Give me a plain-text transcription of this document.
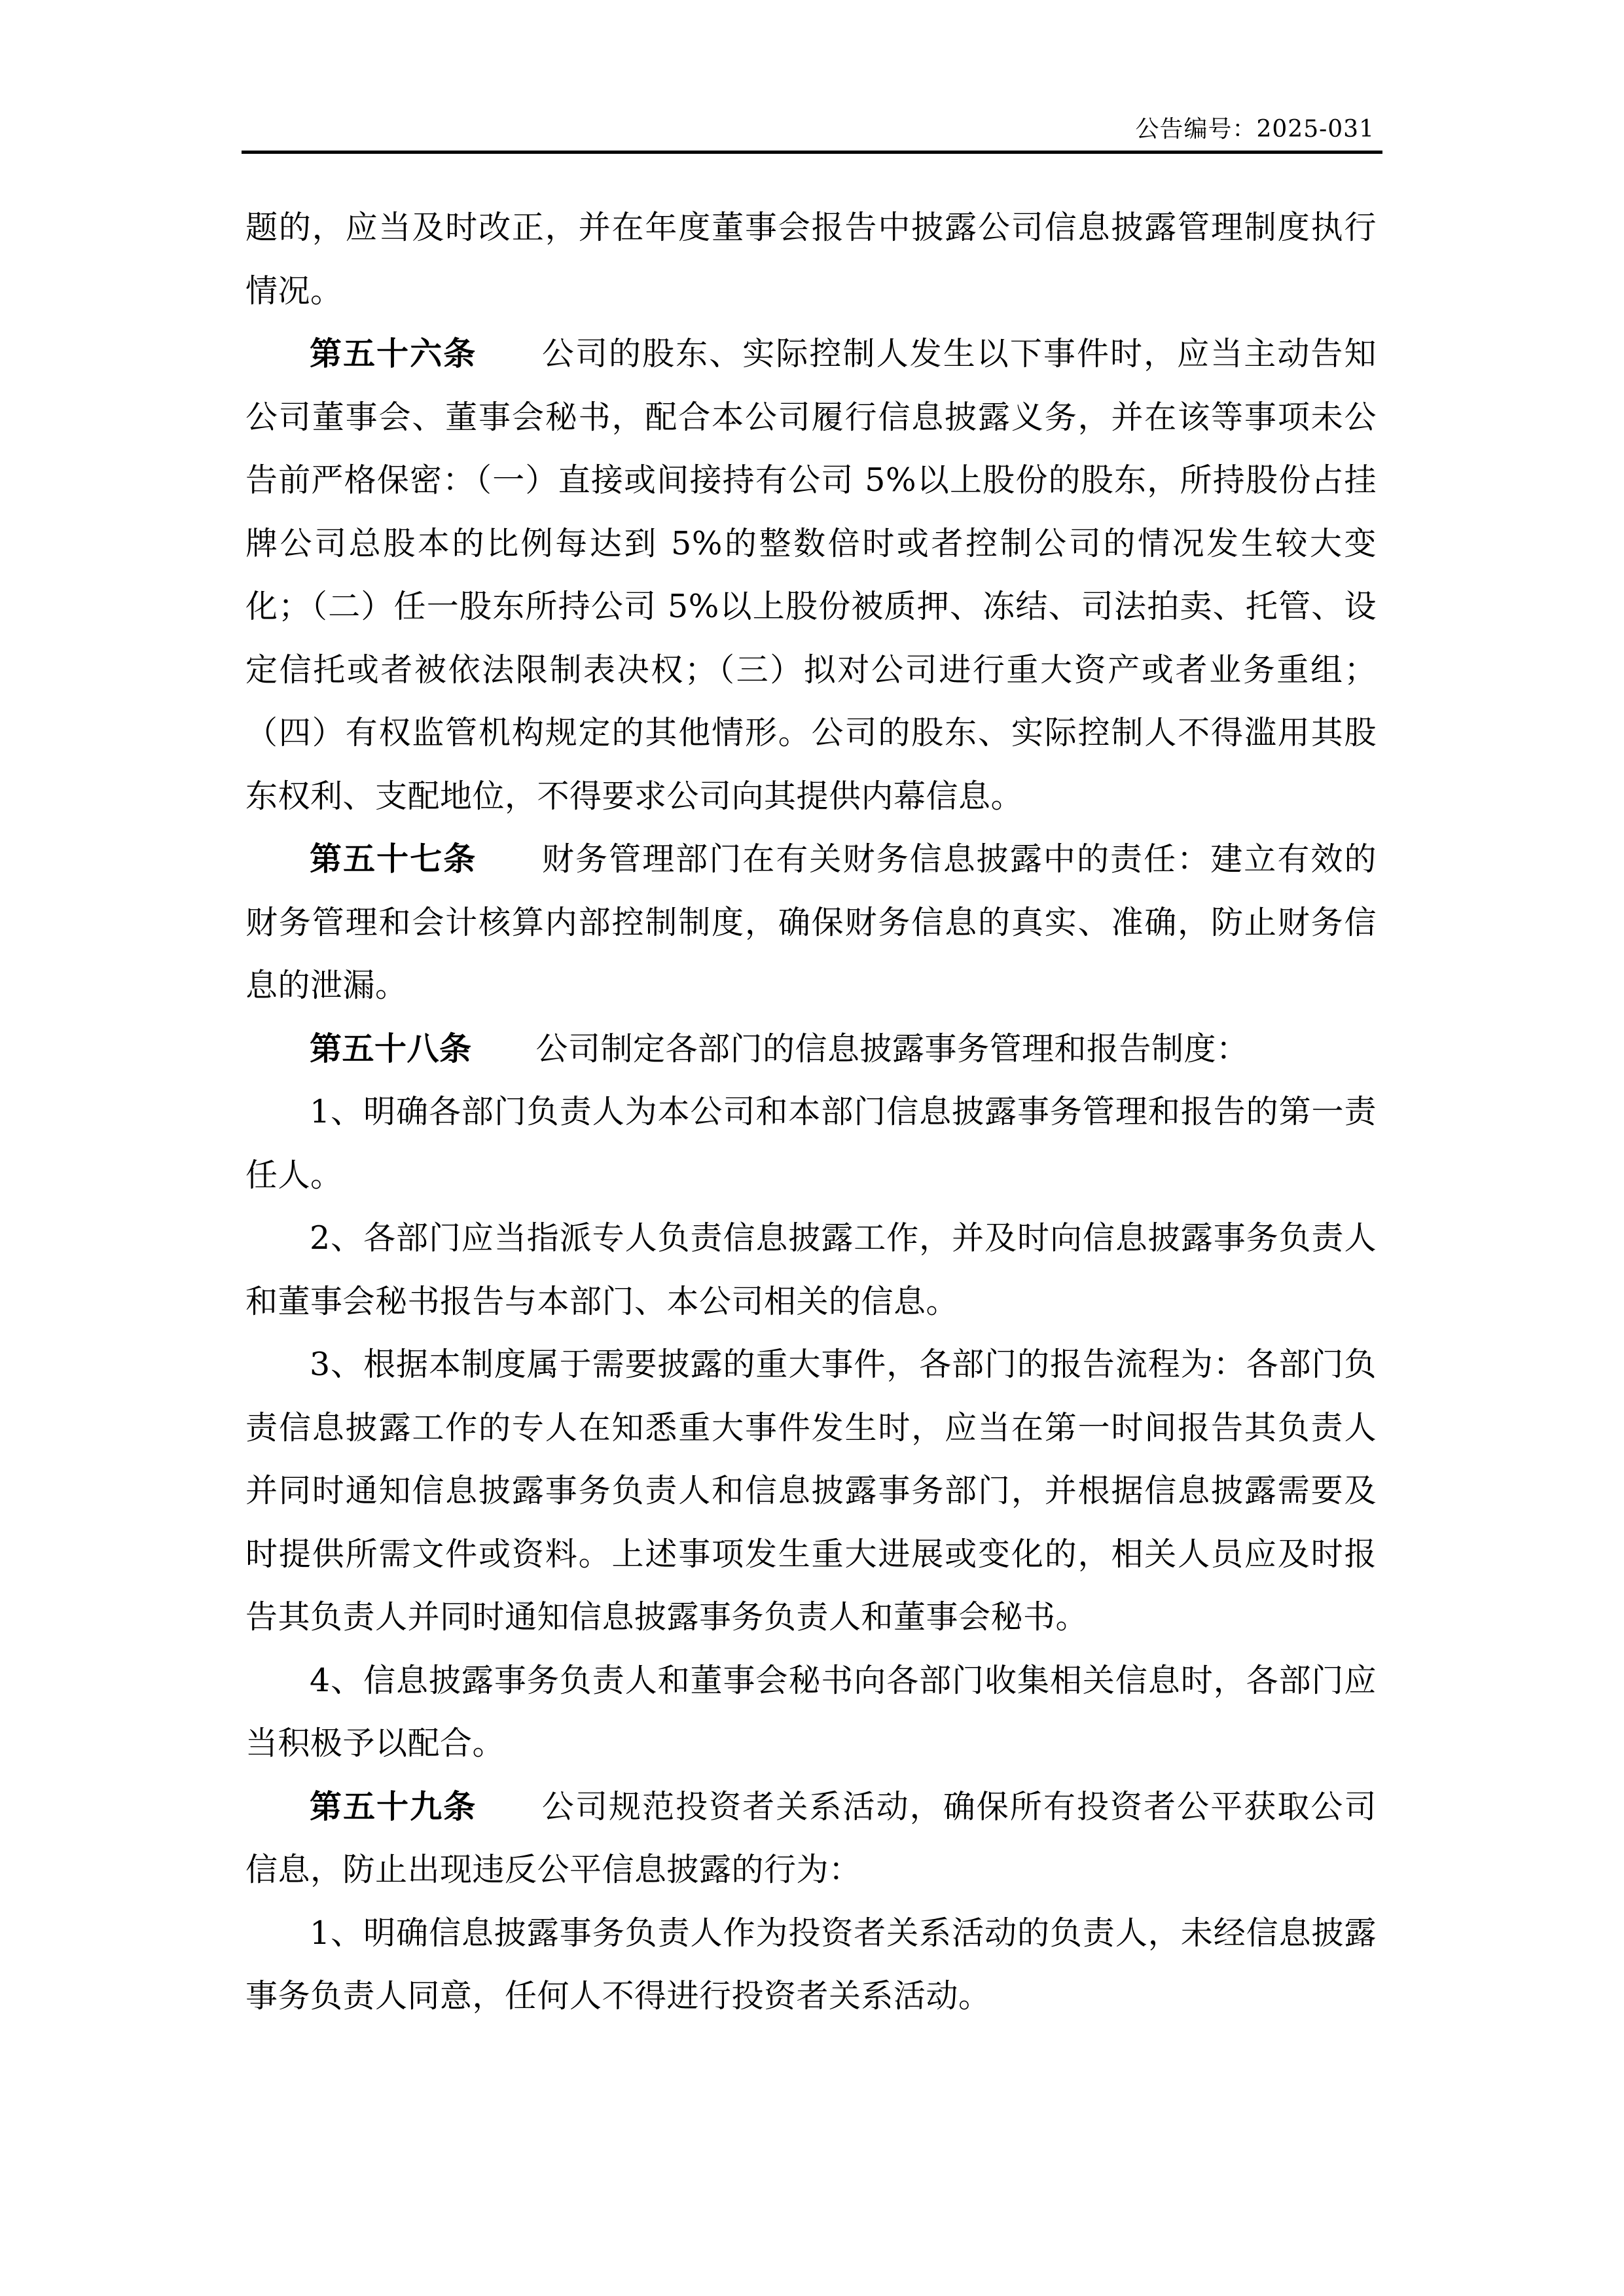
公告编号：2025-031

题的，应当及时改正，并在年度董事会报告中披露公司信息披露管理制度执行情况。

第五十六条 公司的股东、实际控制人发生以下事件时，应当主动告知公司董事会、董事会秘书，配合本公司履行信息披露义务，并在该等事项未公告前严格保密：（一）直接或间接持有公司 5%以上股份的股东，所持股份占挂牌公司总股本的比例每达到 5%的整数倍时或者控制公司的情况发生较大变化；（二）任一股东所持公司 5%以上股份被质押、冻结、司法拍卖、托管、设定信托或者被依法限制表决权；（三）拟对公司进行重大资产或者业务重组；（四）有权监管机构规定的其他情形。公司的股东、实际控制人不得滥用其股东权利、支配地位，不得要求公司向其提供内幕信息。

第五十七条 财务管理部门在有关财务信息披露中的责任：建立有效的财务管理和会计核算内部控制制度，确保财务信息的真实、准确，防止财务信息的泄漏。

第五十八条 公司制定各部门的信息披露事务管理和报告制度：

1、明确各部门负责人为本公司和本部门信息披露事务管理和报告的第一责任人。

2、各部门应当指派专人负责信息披露工作，并及时向信息披露事务负责人和董事会秘书报告与本部门、本公司相关的信息。

3、根据本制度属于需要披露的重大事件，各部门的报告流程为：各部门负责信息披露工作的专人在知悉重大事件发生时，应当在第一时间报告其负责人并同时通知信息披露事务负责人和信息披露事务部门，并根据信息披露需要及时提供所需文件或资料。上述事项发生重大进展或变化的，相关人员应及时报告其负责人并同时通知信息披露事务负责人和董事会秘书。

4、信息披露事务负责人和董事会秘书向各部门收集相关信息时，各部门应当积极予以配合。

第五十九条 公司规范投资者关系活动，确保所有投资者公平获取公司信息，防止出现违反公平信息披露的行为：

1、明确信息披露事务负责人作为投资者关系活动的负责人，未经信息披露事务负责人同意，任何人不得进行投资者关系活动。
